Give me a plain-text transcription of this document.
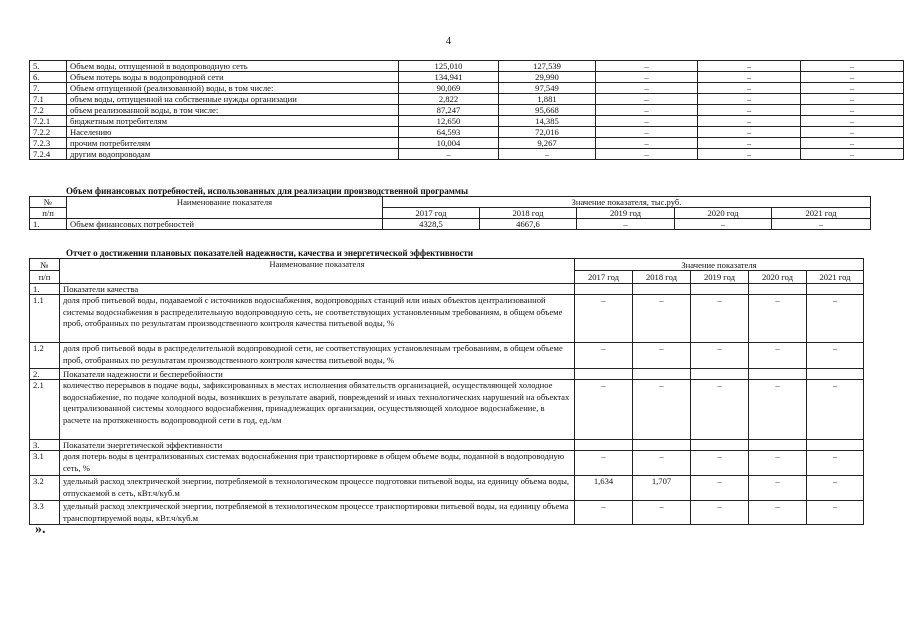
4
5.	Объем воды, отпущенной в водопроводную сеть	125,010	127,539	–	–	–
6.	Объем потерь воды в водопроводной сети	134,941	29,990	–	–	–
7.	Объем отпущенной (реализованной) воды, в том числе:	90,069	97,549	–	–	–
7.1	объем воды, отпущенной на собственные нужды организации	2,822	1,881	–	–	–
7.2	объем реализованной воды, в том числе:	87,247	95,668	–	–	–
7.2.1	бюджетным потребителям	12,650	14,385	–	–	–
7.2.2	Населению	64,593	72,016	–	–	–
7.2.3	прочим потребителям	10,004	9,267	–	–	–
7.2.4	другим водопроводам	–	–	–	–	–
Объем финансовых потребностей, использованных для реализации производственной программы
№	Наименование показателя	Значение показателя, тыс.руб.				
п/п		2017 год	2018 год	2019 год	2020 год	2021 год
1.	Объем финансовых потребностей	4328,5	4667,6	–	–	–
Отчет о достижении плановых показателей надежности, качества и энергетической эффективности
№	Наименование показателя	Значение показателя				
п/п		2017 год	2018 год	2019 год	2020 год	2021 год
1.	Показатели качества					
1.1	доля проб питьевой воды, подаваемой с источников водоснабжения, водопроводных станций или иных объектов централизованной системы водоснабжения в распределительную водопроводную сеть, не соответствующих установленным требованиям, в общем объеме проб, отобранных по результатам производственного контроля качества питьевой воды, %	–	–	–	–	–
1.2	доля проб питьевой воды в распределительной водопроводной сети, не соответствующих установленным требованиям, в общем объеме проб, отобранных по результатам производственного контроля качества питьевой воды, %	–	–	–	–	–
2.	Показатели надежности и бесперебойности					
2.1	количество перерывов в подаче воды, зафиксированных в местах исполнения обязательств организацией, осуществляющей холодное водоснабжение, по подаче холодной воды, возникших в результате аварий, повреждений и иных технологических нарушений на объектах централизованной системы холодного водоснабжения, принадлежащих организации, осуществляющей холодное водоснабжение, в расчете на протяженность водопроводной сети в год, ед./км	–	–	–	–	–
3.	Показатели энергетической эффективности					
3.1	доля потерь воды в централизованных системах водоснабжения при транспортировке в общем объеме воды, поданной в водопроводную сеть, %	–	–	–	–	–
3.2	удельный расход электрической энергии, потребляемой в технологическом процессе подготовки питьевой воды, на единицу объема воды, отпускаемой в сеть, кВт.ч/куб.м	1,634	1,707	–	–	–
3.3	удельный расход электрической энергии, потребляемой в технологическом процессе транспортировки питьевой воды, на единицу объема транспортируемой воды, кВт.ч/куб.м	–	–	–	–	–
».
